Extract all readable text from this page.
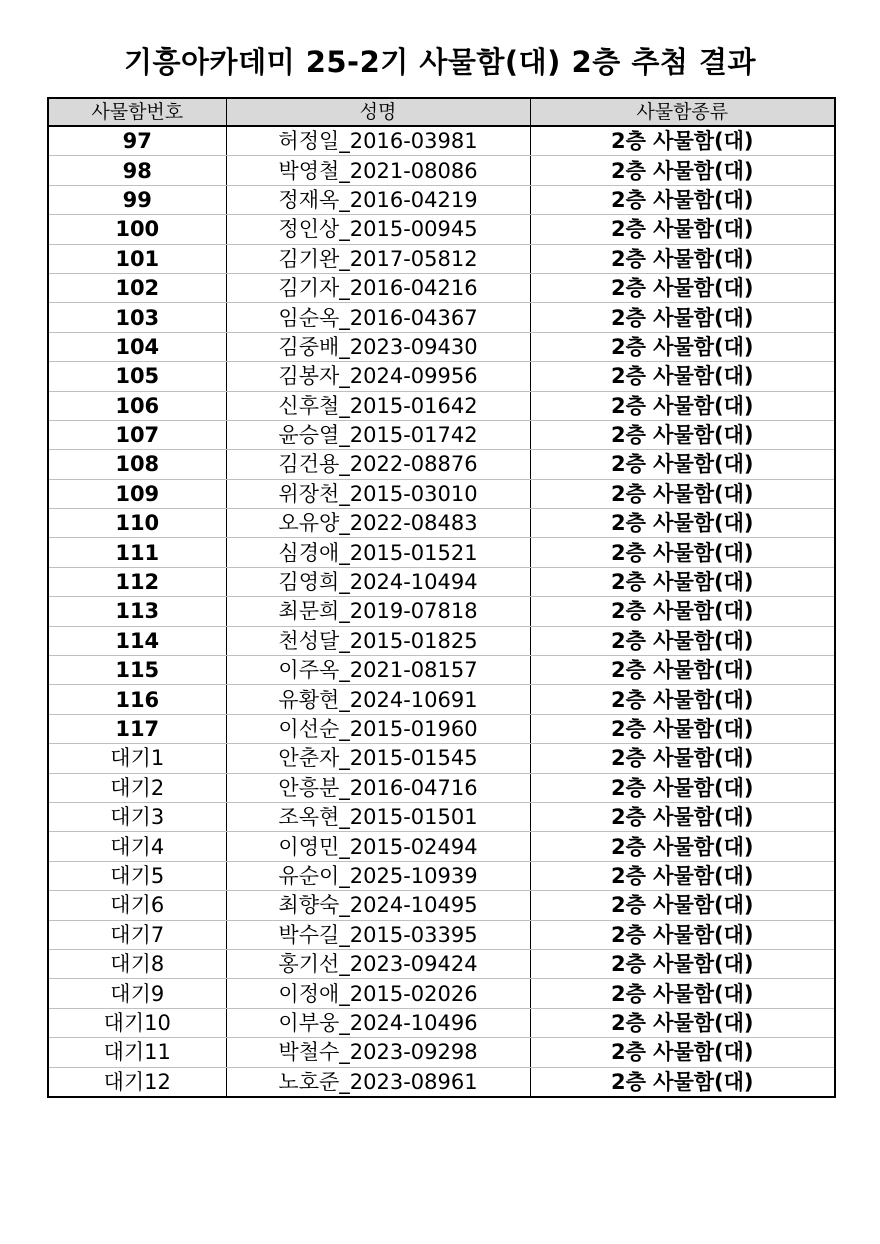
기흥아카데미 25-2기 사물함(대) 2층 추첨 결과
사물함번호	성명	사물함종류
97	허정일_2016-03981	2층 사물함(대)
98	박영철_2021-08086	2층 사물함(대)
99	정재옥_2016-04219	2층 사물함(대)
100	정인상_2015-00945	2층 사물함(대)
101	김기완_2017-05812	2층 사물함(대)
102	김기자_2016-04216	2층 사물함(대)
103	임순옥_2016-04367	2층 사물함(대)
104	김중배_2023-09430	2층 사물함(대)
105	김봉자_2024-09956	2층 사물함(대)
106	신후철_2015-01642	2층 사물함(대)
107	윤승열_2015-01742	2층 사물함(대)
108	김건용_2022-08876	2층 사물함(대)
109	위장천_2015-03010	2층 사물함(대)
110	오유양_2022-08483	2층 사물함(대)
111	심경애_2015-01521	2층 사물함(대)
112	김영희_2024-10494	2층 사물함(대)
113	최문희_2019-07818	2층 사물함(대)
114	천성달_2015-01825	2층 사물함(대)
115	이주옥_2021-08157	2층 사물함(대)
116	유황현_2024-10691	2층 사물함(대)
117	이선순_2015-01960	2층 사물함(대)
대기1	안춘자_2015-01545	2층 사물함(대)
대기2	안흥분_2016-04716	2층 사물함(대)
대기3	조옥현_2015-01501	2층 사물함(대)
대기4	이영민_2015-02494	2층 사물함(대)
대기5	유순이_2025-10939	2층 사물함(대)
대기6	최향숙_2024-10495	2층 사물함(대)
대기7	박수길_2015-03395	2층 사물함(대)
대기8	홍기선_2023-09424	2층 사물함(대)
대기9	이정애_2015-02026	2층 사물함(대)
대기10	이부웅_2024-10496	2층 사물함(대)
대기11	박철수_2023-09298	2층 사물함(대)
대기12	노호준_2023-08961	2층 사물함(대)
